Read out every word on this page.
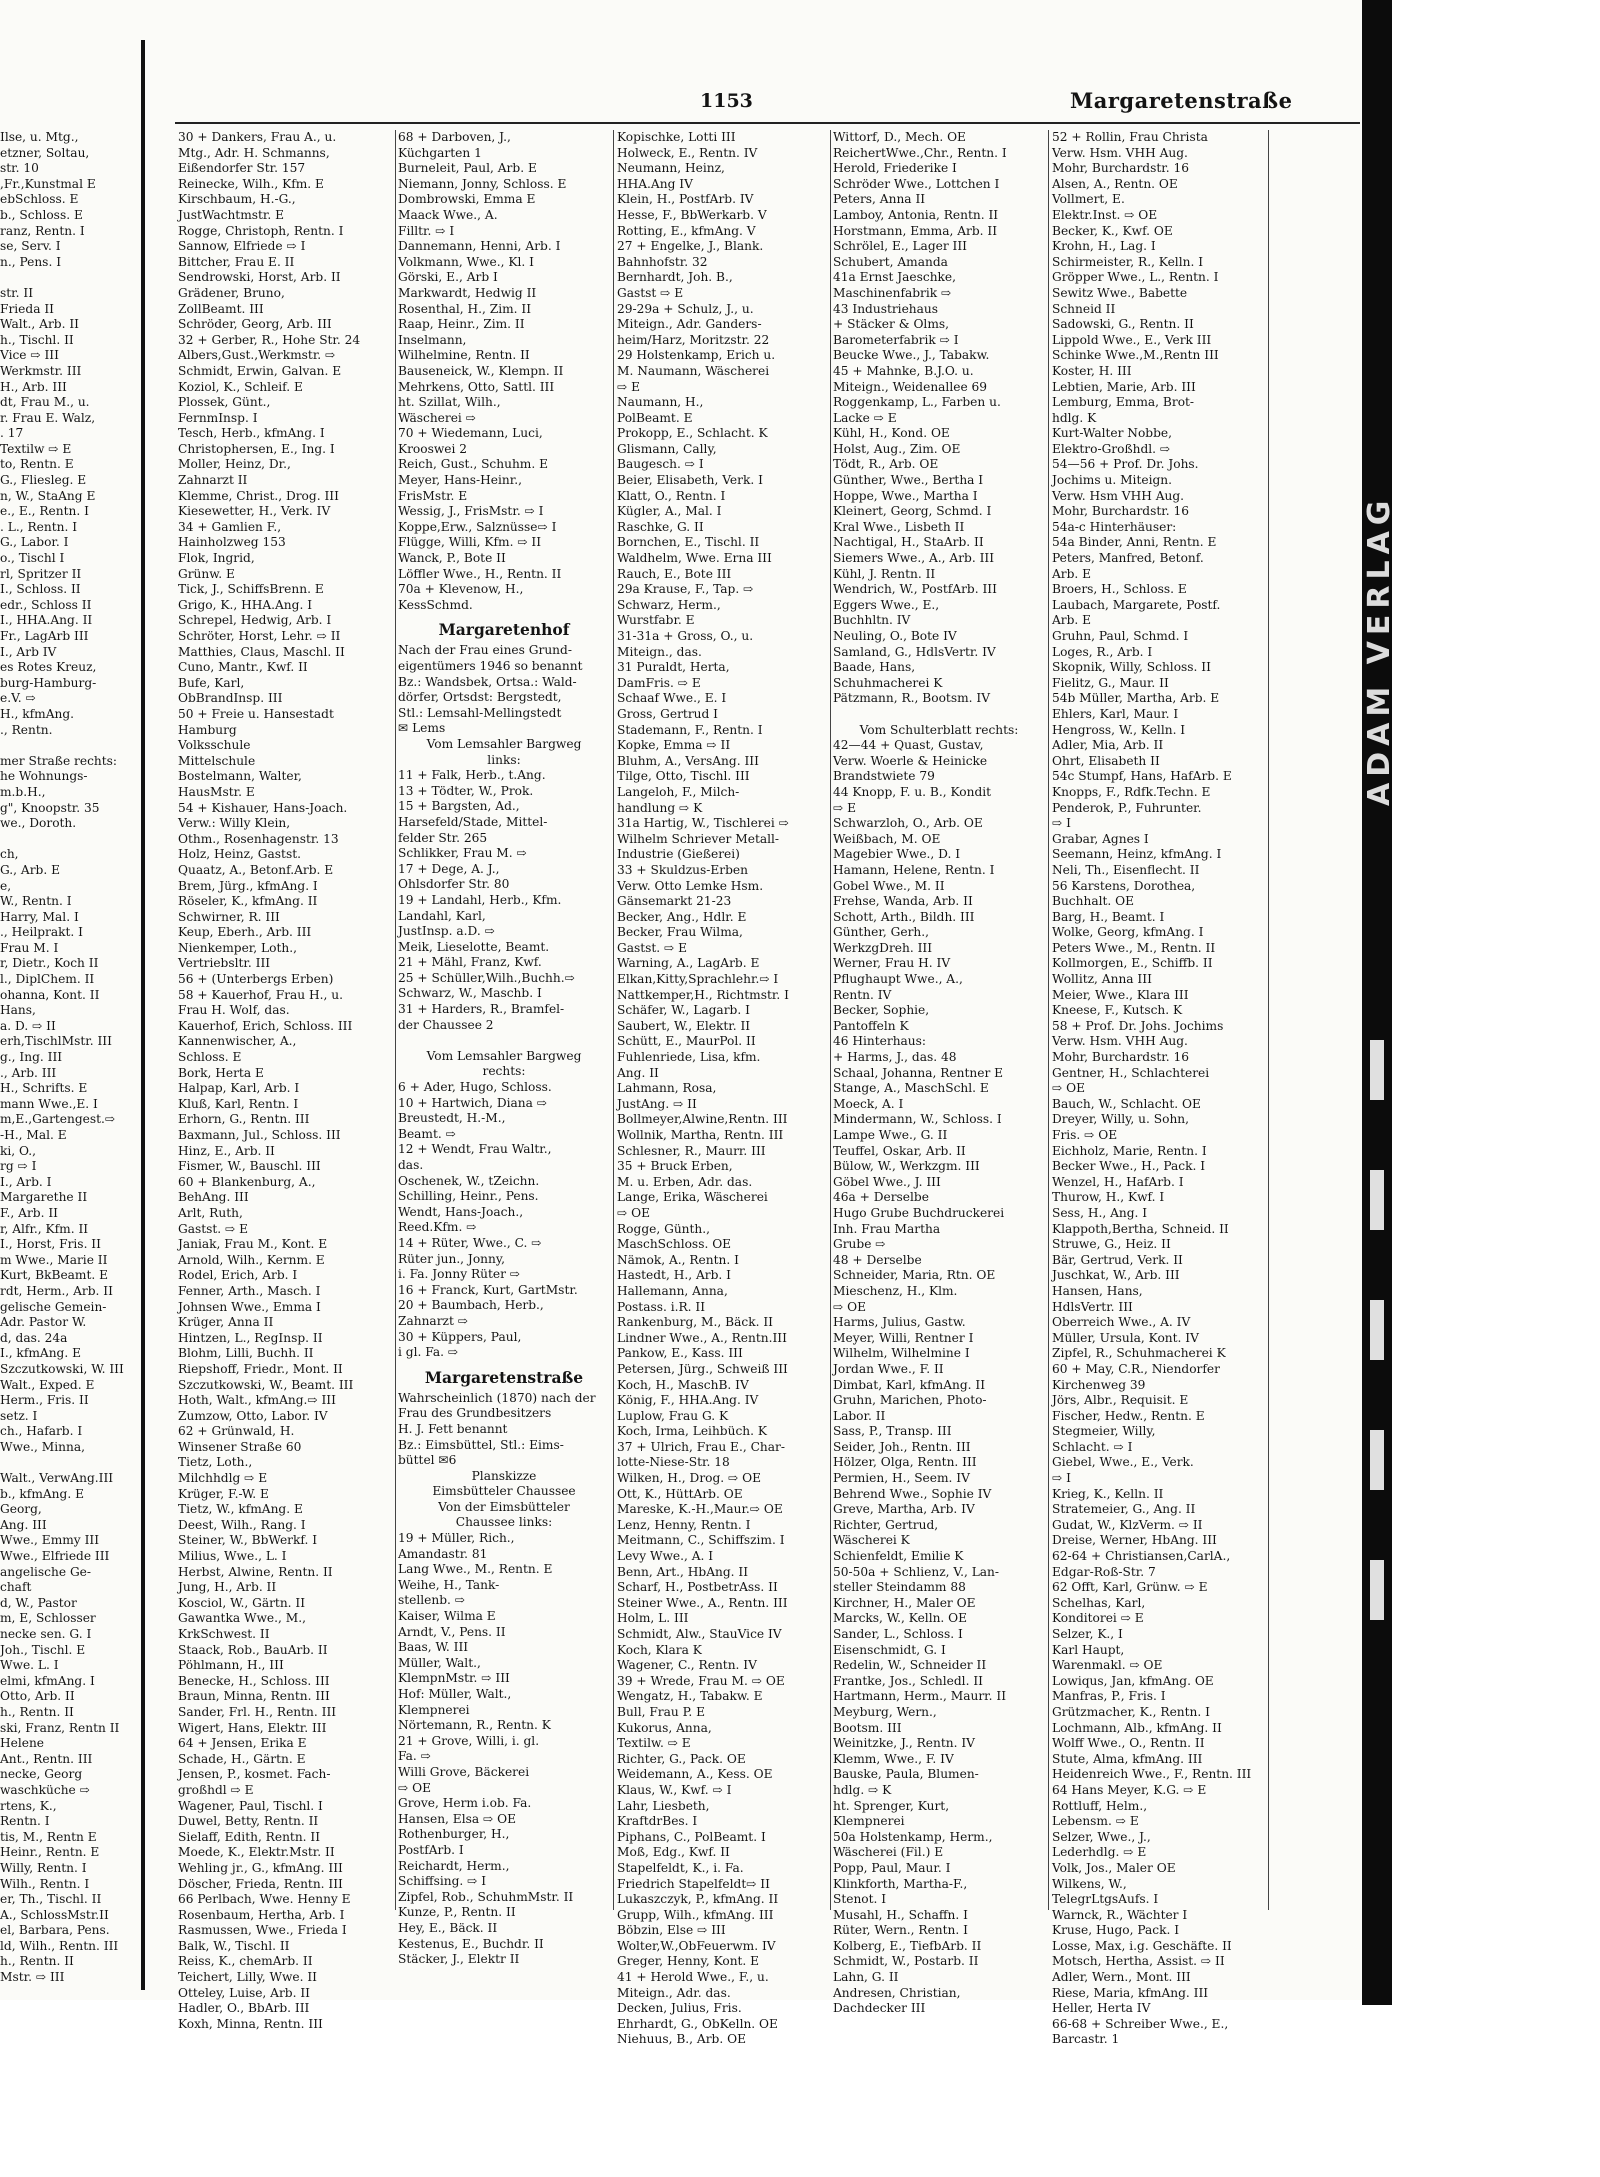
1153	Margaretenstraße
Ilse, u. Mtg.,
etzner, Soltau,
str. 10
,Fr.,Kunstmal E
ebSchloss. E
b., Schloss. E
ranz, Rentn. I
se, Serv. I
n., Pens. I

str. II
Frieda II
Walt., Arb. II
h., Tischl. II
Vice ⇨ III
Werkmstr. III
H., Arb. III
dt, Frau M., u.
r. Frau E. Walz,
. 17
Textilw ⇨ E
to, Rentn. E
G., Fliesleg. E
n, W., StaAng E
e., E., Rentn. I
. L., Rentn. I
G., Labor. I
o., Tischl I
rl, Spritzer II
I., Schloss. II
edr., Schloss II
I., HHA.Ang. II
Fr., LagArb III
I., Arb IV
es Rotes Kreuz,
burg-Hamburg-
e.V. ⇨
H., kfmAng.
., Rentn.

mer Straße rechts:
he Wohnungs-
m.b.H.,
g", Knoopstr. 35
we., Doroth.

ch,
G., Arb. E
e,
W., Rentn. I
Harry, Mal. I
., Heilprakt. I
Frau M. I
r, Dietr., Koch II
l., DiplChem. II
ohanna, Kont. II
Hans,
a. D. ⇨ II
erh,TischlMstr. III
g., Ing. III
., Arb. III
H., Schrifts. E
mann Wwe.,E. I
m,E.,Gartengest.⇨
-H., Mal. E
ki, O.,
rg ⇨ I
I., Arb. I
Margarethe II
F., Arb. II
r, Alfr., Kfm. II
I., Horst, Fris. II
m Wwe., Marie II
Kurt, BkBeamt. E
rdt, Herm., Arb. II
gelische Gemein-
Adr. Pastor W.
d, das. 24a
I., kfmAng. E
Szczutkowski, W. III
Walt., Exped. E
Herm., Fris. II
setz. I
ch., Hafarb. I
Wwe., Minna,

Walt., VerwAng.III
b., kfmAng. E
Georg,
Ang. III
Wwe., Emmy III
Wwe., Elfriede III
angelische Ge-
chaft
d, W., Pastor
m, E, Schlosser
necke sen. G. I
Joh., Tischl. E
Wwe. L. I
elmi, kfmAng. I
Otto, Arb. II
h., Rentn. II
ski, Franz, Rentn II
Helene
Ant., Rentn. III
necke, Georg
waschküche ⇨
rtens, K.,
Rentn. I
tis, M., Rentn E
Heinr., Rentn. E
Willy, Rentn. I
Wilh., Rentn. I
er, Th., Tischl. II
A., SchlossMstr.II
el, Barbara, Pens.
ld, Wilh., Rentn. III
h., Rentn. II
Mstr. ⇨ III
30 + Dankers, Frau A., u.
Mtg., Adr. H. Schmanns,
Eißendorfer Str. 157
Reinecke, Wilh., Kfm. E
Kirschbaum, H.-G.,
JustWachtmstr. E
Rogge, Christoph, Rentn. I
Sannow, Elfriede ⇨ I
Bittcher, Frau E. II
Sendrowski, Horst, Arb. II
Grädener, Bruno,
ZollBeamt. III
Schröder, Georg, Arb. III
32 + Gerber, R., Hohe Str. 24
Albers,Gust.,Werkmstr. ⇨
Schmidt, Erwin, Galvan. E
Koziol, K., Schleif. E
Plossek, Günt.,
FernmInsp. I
Tesch, Herb., kfmAng. I
Christophersen, E., Ing. I
Moller, Heinz, Dr.,
Zahnarzt II
Klemme, Christ., Drog. III
Kiesewetter, H., Verk. IV
34 + Gamlien F.,
Hainholzweg 153
Flok, Ingrid,
Grünw. E
Tick, J., SchiffsBrenn. E
Grigo, K., HHA.Ang. I
Schrepel, Hedwig, Arb. I
Schröter, Horst, Lehr. ⇨ II
Matthies, Claus, Maschl. II
Cuno, Mantr., Kwf. II
Bufe, Karl,
ObBrandInsp. III
50 + Freie u. Hansestadt
Hamburg
Volksschule
Mittelschule
Bostelmann, Walter,
HausMstr. E
54 + Kishauer, Hans-Joach.
Verw.: Willy Klein,
Othm., Rosenhagenstr. 13
Holz, Heinz, Gastst.
Quaatz, A., Betonf.Arb. E
Brem, Jürg., kfmAng. I
Röseler, K., kfmAng. II
Schwirner, R. III
Keup, Eberh., Arb. III
Nienkemper, Loth.,
Vertriebsltr. III
56 + (Unterbergs Erben)
58 + Kauerhof, Frau H., u.
Frau H. Wolf, das.
Kauerhof, Erich, Schloss. III
Kannenwischer, A.,
Schloss. E
Bork, Herta E
Halpap, Karl, Arb. I
Kluß, Karl, Rentn. I
Erhorn, G., Rentn. III
Baxmann, Jul., Schloss. III
Hinz, E., Arb. II
Fismer, W., Bauschl. III
60 + Blankenburg, A.,
BehAng. III
Arlt, Ruth,
Gastst. ⇨ E
Janiak, Frau M., Kont. E
Arnold, Wilh., Kernm. E
Rodel, Erich, Arb. I
Fenner, Arth., Masch. I
Johnsen Wwe., Emma I
Krüger, Anna II
Hintzen, L., RegInsp. II
Blohm, Lilli, Buchh. II
Riepshoff, Friedr., Mont. II
Szczutkowski, W., Beamt. III
Hoth, Walt., kfmAng.⇨ III
Zumzow, Otto, Labor. IV
62 + Grünwald, H.
Winsener Straße 60
Tietz, Loth.,
Milchhdlg ⇨ E
Krüger, F.-W. E
Tietz, W., kfmAng. E
Deest, Wilh., Rang. I
Steiner, W., BbWerkf. I
Milius, Wwe., L. I
Herbst, Alwine, Rentn. II
Jung, H., Arb. II
Kosciol, W., Gärtn. II
Gawantka Wwe., M.,
KrkSchwest. II
Staack, Rob., BauArb. II
Pöhlmann, H., III
Benecke, H., Schloss. III
Braun, Minna, Rentn. III
Sander, Frl. H., Rentn. III
Wigert, Hans, Elektr. III
64 + Jensen, Erika E
Schade, H., Gärtn. E
Jensen, P., kosmet. Fach-
großhdl ⇨ E
Wagener, Paul, Tischl. I
Duwel, Betty, Rentn. II
Sielaff, Edith, Rentn. II
Moede, K., Elektr.Mstr. II
Wehling jr., G., kfmAng. III
Döscher, Frieda, Rentn. III
66 Perlbach, Wwe. Henny E
Rosenbaum, Hertha, Arb. I
Rasmussen, Wwe., Frieda I
Balk, W., Tischl. II
Reiss, K., chemArb. II
Teichert, Lilly, Wwe. II
Otteley, Luise, Arb. II
Hadler, O., BbArb. III
Koxh, Minna, Rentn. III
68 + Darboven, J.,
Küchgarten 1
Burneleit, Paul, Arb. E
Niemann, Jonny, Schloss. E
Dombrowski, Emma E
Maack Wwe., A.
Filltr. ⇨ I
Dannemann, Henni, Arb. I
Volkmann, Wwe., Kl. I
Görski, E., Arb I
Markwardt, Hedwig II
Rosenthal, H., Zim. II
Raap, Heinr., Zim. II
Inselmann,
Wilhelmine, Rentn. II
Bauseneick, W., Klempn. II
Mehrkens, Otto, Sattl. III
ht. Szillat, Wilh.,
Wäscherei ⇨
70 + Wiedemann, Luci,
Krooswei 2
Reich, Gust., Schuhm. E
Meyer, Hans-Heinr.,
FrisMstr. E
Wessig, J., FrisMstr. ⇨ I
Koppe,Erw., Salznüsse⇨ I
Flügge, Willi, Kfm. ⇨ II
Wanck, P., Bote II
Löffler Wwe., H., Rentn. II
70a + Klevenow, H.,
KessSchmd.
Margaretenhof
Nach der Frau eines Grund-
eigentümers 1946 so benannt
Bz.: Wandsbek, Ortsa.: Wald-
dörfer, Ortsdst: Bergstedt,
Stl.: Lemsahl-Mellingstedt
✉ Lems
Vom Lemsahler Bargweg
links:
11 + Falk, Herb., t.Ang.
13 + Tödter, W., Prok.
15 + Bargsten, Ad.,
Harsefeld/Stade, Mittel-
felder Str. 265
Schlikker, Frau M. ⇨
17 + Dege, A. J.,
Ohlsdorfer Str. 80
19 + Landahl, Herb., Kfm.
Landahl, Karl,
JustInsp. a.D. ⇨
Meik, Lieselotte, Beamt.
21 + Mähl, Franz, Kwf.
25 + Schüller,Wilh.,Buchh.⇨
Schwarz, W., Maschb. I
31 + Harders, R., Bramfel-
der Chaussee 2

Vom Lemsahler Bargweg
rechts:
6 + Ader, Hugo, Schloss.
10 + Hartwich, Diana ⇨
Breustedt, H.-M.,
Beamt. ⇨
12 + Wendt, Frau Waltr.,
das.
Oschenek, W., tZeichn.
Schilling, Heinr., Pens.
Wendt, Hans-Joach.,
Reed.Kfm. ⇨
14 + Rüter, Wwe., C. ⇨
Rüter jun., Jonny,
i. Fa. Jonny Rüter ⇨
16 + Franck, Kurt, GartMstr.
20 + Baumbach, Herb.,
Zahnarzt ⇨
30 + Küppers, Paul,
i gl. Fa. ⇨
Margaretenstraße
Wahrscheinlich (1870) nach der
Frau des Grundbesitzers
H. J. Fett benannt
Bz.: Eimsbüttel, Stl.: Eims-
büttel ✉6
Planskizze
Eimsbütteler Chaussee
Von der Eimsbütteler
Chaussee links:
19 + Müller, Rich.,
Amandastr. 81
Lang Wwe., M., Rentn. E
Weihe, H., Tank-
stellenb. ⇨
Kaiser, Wilma E
Arndt, V., Pens. II
Baas, W. III
Müller, Walt.,
KlempnMstr. ⇨ III
Hof: Müller, Walt.,
Klempnerei
Nörtemann, R., Rentn. K
21 + Grove, Willi, i. gl.
Fa. ⇨
Willi Grove, Bäckerei
⇨ OE
Grove, Herm i.ob. Fa.
Hansen, Elsa ⇨ OE
Rothenburger, H.,
PostfArb. I
Reichardt, Herm.,
Schiffsing. ⇨ I
Zipfel, Rob., SchuhmMstr. II
Kunze, P., Rentn. II
Hey, E., Bäck. II
Kestenus, E., Buchdr. II
Stäcker, J., Elektr II
Kopischke, Lotti III
Holweck, E., Rentn. IV
Neumann, Heinz,
HHA.Ang IV
Klein, H., PostfArb. IV
Hesse, F., BbWerkarb. V
Rotting, E., kfmAng. V
27 + Engelke, J., Blank.
Bahnhofstr. 32
Bernhardt, Joh. B.,
Gastst ⇨ E
29-29a + Schulz, J., u.
Miteign., Adr. Ganders-
heim/Harz, Moritzstr. 22
29 Holstenkamp, Erich u.
M. Naumann, Wäscherei
⇨ E
Naumann, H.,
PolBeamt. E
Prokopp, E., Schlacht. K
Glismann, Cally,
Baugesch. ⇨ I
Beier, Elisabeth, Verk. I
Klatt, O., Rentn. I
Kügler, A., Mal. I
Raschke, G. II
Bornchen, E., Tischl. II
Waldhelm, Wwe. Erna III
Rauch, E., Bote III
29a Krause, F., Tap. ⇨
Schwarz, Herm.,
Wurstfabr. E
31-31a + Gross, O., u.
Miteign., das.
31 Puraldt, Herta,
DamFris. ⇨ E
Schaaf Wwe., E. I
Gross, Gertrud I
Stademann, F., Rentn. I
Kopke, Emma ⇨ II
Bluhm, A., VersAng. III
Tilge, Otto, Tischl. III
Langeloh, F., Milch-
handlung ⇨ K
31a Hartig, W., Tischlerei ⇨
Wilhelm Schriever Metall-
Industrie (Gießerei)
33 + Skuldzus-Erben
Verw. Otto Lemke Hsm.
Gänsemarkt 21-23
Becker, Ang., Hdlr. E
Becker, Frau Wilma,
Gastst. ⇨ E
Warning, A., LagArb. E
Elkan,Kitty,Sprachlehr.⇨ I
Nattkemper,H., Richtmstr. I
Schäfer, W., Lagarb. I
Saubert, W., Elektr. II
Schütt, E., MaurPol. II
Fuhlenriede, Lisa, kfm.
Ang. II
Lahmann, Rosa,
JustAng. ⇨ II
Bollmeyer,Alwine,Rentn. III
Wollnik, Martha, Rentn. III
Schlesner, R., Maurr. III
35 + Bruck Erben,
M. u. Erben, Adr. das.
Lange, Erika, Wäscherei
⇨ OE
Rogge, Günth.,
MaschSchloss. OE
Nämok, A., Rentn. I
Hastedt, H., Arb. I
Hallemann, Anna,
Postass. i.R. II
Rankenburg, M., Bäck. II
Lindner Wwe., A., Rentn.III
Pankow, E., Kass. III
Petersen, Jürg., Schweiß III
Koch, H., MaschB. IV
König, F., HHA.Ang. IV
Luplow, Frau G. K
Koch, Irma, Leihbüch. K
37 + Ulrich, Frau E., Char-
lotte-Niese-Str. 18
Wilken, H., Drog. ⇨ OE
Ott, K., HüttArb. OE
Mareske, K.-H.,Maur.⇨ OE
Lenz, Henny, Rentn. I
Meitmann, C., Schiffszim. I
Levy Wwe., A. I
Benn, Art., HbAng. II
Scharf, H., PostbetrAss. II
Steiner Wwe., A., Rentn. III
Holm, L. III
Schmidt, Alw., StauVice IV
Koch, Klara K
Wagener, C., Rentn. IV
39 + Wrede, Frau M. ⇨ OE
Wengatz, H., Tabakw. E
Bull, Frau P. E
Kukorus, Anna,
Textilw. ⇨ E
Richter, G., Pack. OE
Weidemann, A., Kess. OE
Klaus, W., Kwf. ⇨ I
Lahr, Liesbeth,
KraftdrBes. I
Piphans, C., PolBeamt. I
Moß, Edg., Kwf. II
Stapelfeldt, K., i. Fa.
Friedrich Stapelfeldt⇨ II
Lukaszczyk, P., kfmAng. II
Grupp, Wilh., kfmAng. III
Böbzin, Else ⇨ III
Wolter,W.,ObFeuerwm. IV
Greger, Henny, Kont. E
41 + Herold Wwe., F., u.
Miteign., Adr. das.
Decken, Julius, Fris.
Ehrhardt, G., ObKelln. OE
Niehuus, B., Arb. OE
Wittorf, D., Mech. OE
ReichertWwe.,Chr., Rentn. I
Herold, Friederike I
Schröder Wwe., Lottchen I
Peters, Anna II
Lamboy, Antonia, Rentn. II
Horstmann, Emma, Arb. II
Schrölel, E., Lager III
Schubert, Amanda
41a Ernst Jaeschke,
Maschinenfabrik ⇨
43 Industriehaus
+ Stäcker & Olms,
Barometerfabrik ⇨ I
Beucke Wwe., J., Tabakw.
45 + Mahnke, B.J.O. u.
Miteign., Weidenallee 69
Roggenkamp, L., Farben u.
Lacke ⇨ E
Kühl, H., Kond. OE
Holst, Aug., Zim. OE
Tödt, R., Arb. OE
Günther, Wwe., Bertha I
Hoppe, Wwe., Martha I
Kleinert, Georg, Schmd. I
Kral Wwe., Lisbeth II
Nachtigal, H., StaArb. II
Siemers Wwe., A., Arb. III
Kühl, J. Rentn. II
Wendrich, W., PostfArb. III
Eggers Wwe., E.,
Buchhltn. IV
Neuling, O., Bote IV
Samland, G., HdlsVertr. IV
Baade, Hans,
Schuhmacherei K
Pätzmann, R., Bootsm. IV

Vom Schulterblatt rechts:
42—44 + Quast, Gustav,
Verw. Woerle & Heinicke
Brandstwiete 79
44 Knopp, F. u. B., Kondit
⇨ E
Schwarzloh, O., Arb. OE
Weißbach, M. OE
Magebier Wwe., D. I
Hamann, Helene, Rentn. I
Gobel Wwe., M. II
Frehse, Wanda, Arb. II
Schott, Arth., Bildh. III
Günther, Gerh.,
WerkzgDreh. III
Werner, Frau H. IV
Pflughaupt Wwe., A.,
Rentn. IV
Becker, Sophie,
Pantoffeln K
46 Hinterhaus:
+ Harms, J., das. 48
Schaal, Johanna, Rentner E
Stange, A., MaschSchl. E
Moeck, A. I
Mindermann, W., Schloss. I
Lampe Wwe., G. II
Teuffel, Oskar, Arb. II
Bülow, W., Werkzgm. III
Göbel Wwe., J. III
46a + Derselbe
Hugo Grube Buchdruckerei
Inh. Frau Martha
Grube ⇨
48 + Derselbe
Schneider, Maria, Rtn. OE
Mieschenz, H., Klm.
⇨ OE
Harms, Julius, Gastw.
Meyer, Willi, Rentner I
Wilhelm, Wilhelmine I
Jordan Wwe., F. II
Dimbat, Karl, kfmAng. II
Gruhn, Marichen, Photo-
Labor. II
Sass, P., Transp. III
Seider, Joh., Rentn. III
Hölzer, Olga, Rentn. III
Permien, H., Seem. IV
Behrend Wwe., Sophie IV
Greve, Martha, Arb. IV
Richter, Gertrud,
Wäscherei K
Schienfeldt, Emilie K
50-50a + Schlienz, V., Lan-
steller Steindamm 88
Kirchner, H., Maler OE
Marcks, W., Kelln. OE
Sander, L., Schloss. I
Eisenschmidt, G. I
Redelin, W., Schneider II
Frantke, Jos., Schledl. II
Hartmann, Herm., Maurr. II
Meyburg, Wern.,
Bootsm. III
Weinitzke, J., Rentn. IV
Klemm, Wwe., F. IV
Bauske, Paula, Blumen-
hdlg. ⇨ K
ht. Sprenger, Kurt,
Klempnerei
50a Holstenkamp, Herm.,
Wäscherei (Fil.) E
Popp, Paul, Maur. I
Klinkforth, Martha-F.,
Stenot. I
Musahl, H., Schaffn. I
Rüter, Wern., Rentn. I
Kolberg, E., TiefbArb. II
Schmidt, W., Postarb. II
Lahn, G. II
Andresen, Christian,
Dachdecker III
52 + Rollin, Frau Christa
Verw. Hsm. VHH Aug.
Mohr, Burchardstr. 16
Alsen, A., Rentn. OE
Vollmert, E.
Elektr.Inst. ⇨ OE
Becker, K., Kwf. OE
Krohn, H., Lag. I
Schirmeister, R., Kelln. I
Gröpper Wwe., L., Rentn. I
Sewitz Wwe., Babette
Schneid II
Sadowski, G., Rentn. II
Lippold Wwe., E., Verk III
Schinke Wwe.,M.,Rentn III
Koster, H. III
Lebtien, Marie, Arb. III
Lemburg, Emma, Brot-
hdlg. K
Kurt-Walter Nobbe,
Elektro-Großhdl. ⇨
54—56 + Prof. Dr. Johs.
Jochims u. Miteign.
Verw. Hsm VHH Aug.
Mohr, Burchardstr. 16
54a-c Hinterhäuser:
54a Binder, Anni, Rentn. E
Peters, Manfred, Betonf.
Arb. E
Broers, H., Schloss. E
Laubach, Margarete, Postf.
Arb. E
Gruhn, Paul, Schmd. I
Loges, R., Arb. I
Skopnik, Willy, Schloss. II
Fielitz, G., Maur. II
54b Müller, Martha, Arb. E
Ehlers, Karl, Maur. I
Hengross, W., Kelln. I
Adler, Mia, Arb. II
Ohrt, Elisabeth II
54c Stumpf, Hans, HafArb. E
Knopps, F., Rdfk.Techn. E
Penderok, P., Fuhrunter.
⇨ I
Grabar, Agnes I
Seemann, Heinz, kfmAng. I
Neli, Th., Eisenflecht. II
56 Karstens, Dorothea,
Buchhalt. OE
Barg, H., Beamt. I
Wolke, Georg, kfmAng. I
Peters Wwe., M., Rentn. II
Kollmorgen, E., Schiffb. II
Wollitz, Anna III
Meier, Wwe., Klara III
Kneese, F., Kutsch. K
58 + Prof. Dr. Johs. Jochims
Verw. Hsm. VHH Aug.
Mohr, Burchardstr. 16
Gentner, H., Schlachterei
⇨ OE
Bauch, W., Schlacht. OE
Dreyer, Willy, u. Sohn,
Fris. ⇨ OE
Eichholz, Marie, Rentn. I
Becker Wwe., H., Pack. I
Wenzel, H., HafArb. I
Thurow, H., Kwf. I
Sess, H., Ang. I
Klappoth,Bertha, Schneid. II
Struwe, G., Heiz. II
Bär, Gertrud, Verk. II
Juschkat, W., Arb. III
Hansen, Hans,
HdlsVertr. III
Oberreich Wwe., A. IV
Müller, Ursula, Kont. IV
Zipfel, R., Schuhmacherei K
60 + May, C.R., Niendorfer
Kirchenweg 39
Jörs, Albr., Requisit. E
Fischer, Hedw., Rentn. E
Stegmeier, Willy,
Schlacht. ⇨ I
Giebel, Wwe., E., Verk.
⇨ I
Krieg, K., Kelln. II
Stratemeier, G., Ang. II
Gudat, W., KlzVerm. ⇨ II
Dreise, Werner, HbAng. III
62-64 + Christiansen,CarlA.,
Edgar-Roß-Str. 7
62 Offt, Karl, Grünw. ⇨ E
Schelhas, Karl,
Konditorei ⇨ E
Selzer, K., I
Karl Haupt,
Warenmakl. ⇨ OE
Lowiqus, Jan, kfmAng. OE
Manfras, P., Fris. I
Grützmacher, K., Rentn. I
Lochmann, Alb., kfmAng. II
Wolff Wwe., O., Rentn. II
Stute, Alma, kfmAng. III
Heidenreich Wwe., F., Rentn. III
64 Hans Meyer, K.G. ⇨ E
Rottluff, Helm.,
Lebensm. ⇨ E
Selzer, Wwe., J.,
Lederhdlg. ⇨ E
Volk, Jos., Maler OE
Wilkens, W.,
TelegrLtgsAufs. I
Warnck, R., Wächter I
Kruse, Hugo, Pack. I
Losse, Max, i.g. Geschäfte. II
Motsch, Hertha, Assist. ⇨ II
Adler, Wern., Mont. III
Riese, Maria, kfmAng. III
Heller, Herta IV
66-68 + Schreiber Wwe., E.,
Barcastr. 1
ADAM VERLAG
